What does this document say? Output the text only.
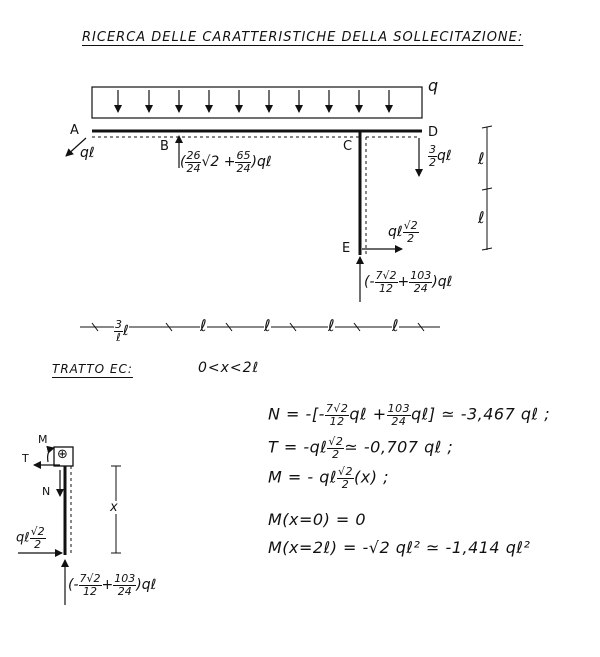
RICERCA DELLE CARATTERISTICHE DELLA SOLLECITAZIONE:
q
A
B	C
D
E
qℓ
( $\frac{26}{24} √2 + \frac{65}{24}$ )qℓ	$\frac{3}{2}$ qℓ
qℓ $\frac{√2}{2}$
(- $\frac{7√2}{12} + \frac{103}{24}$ )qℓ
ℓ
ℓ
$\frac{3}{\text{ℓ}}$ ℓ	ℓ	ℓ	ℓ	ℓ
TRATTO EC:	0<x<2ℓ
⊕
M
T
N
x
qℓ $\frac{√2}{2}$
(- $\frac{7√2}{12} + \frac{103}{24}$ )qℓ
N = -[- $\frac{7√2}{12}$ qℓ + $\frac{103}{24}$ qℓ] ≃ -3,467 qℓ ;
T = -qℓ $\frac{√2}{2}$ ≃ -0,707 qℓ ;
M = - qℓ $\frac{√2}{2} (x)$ ;
M(x=0) = 0
M(x=2ℓ) = -√2 qℓ² ≃ -1,414 qℓ²
